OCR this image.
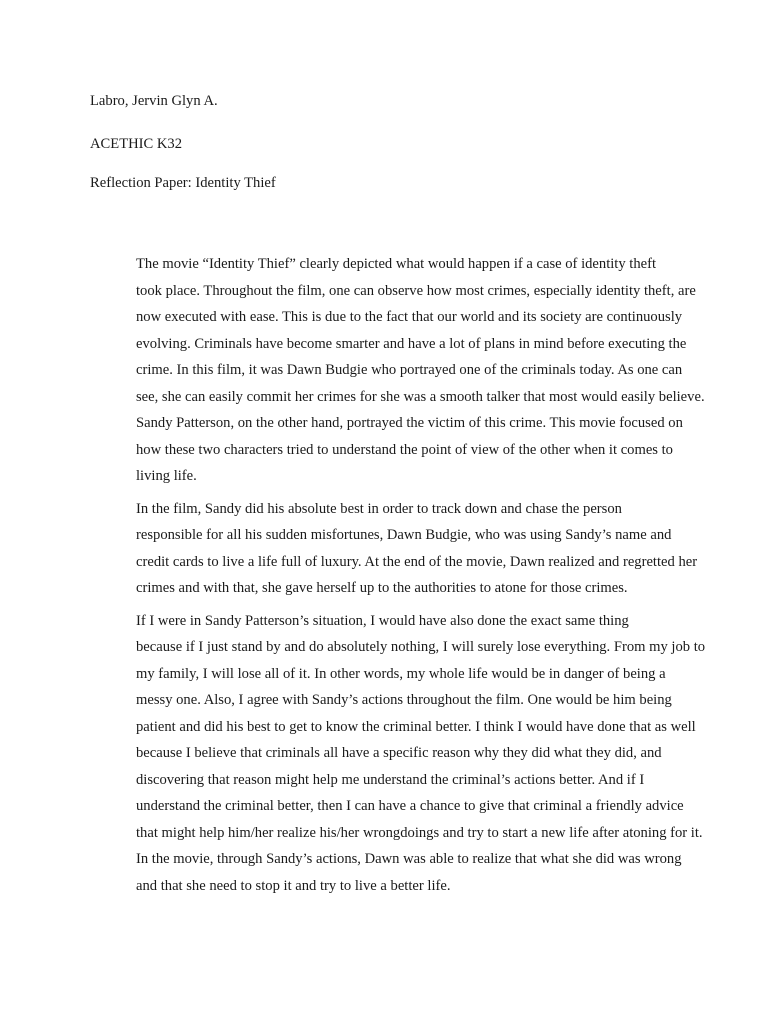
Labro, Jervin Glyn A.
ACETHIC K32
Reflection Paper: Identity Thief

The movie “Identity Thief” clearly depicted what would happen if a case of identity theft
took place. Throughout the film, one can observe how most crimes, especially identity theft, are
now executed with ease. This is due to the fact that our world and its society are continuously
evolving. Criminals have become smarter and have a lot of plans in mind before executing the
crime. In this film, it was Dawn Budgie who portrayed one of the criminals today. As one can
see, she can easily commit her crimes for she was a smooth talker that most would easily believe.
Sandy Patterson, on the other hand, portrayed the victim of this crime. This movie focused on
how these two characters tried to understand the point of view of the other when it comes to
living life.

In the film, Sandy did his absolute best in order to track down and chase the person
responsible for all his sudden misfortunes, Dawn Budgie, who was using Sandy’s name and
credit cards to live a life full of luxury. At the end of the movie, Dawn realized and regretted her
crimes and with that, she gave herself up to the authorities to atone for those crimes.

If I were in Sandy Patterson’s situation, I would have also done the exact same thing
because if I just stand by and do absolutely nothing, I will surely lose everything. From my job to
my family, I will lose all of it. In other words, my whole life would be in danger of being a
messy one. Also, I agree with Sandy’s actions throughout the film. One would be him being
patient and did his best to get to know the criminal better. I think I would have done that as well
because I believe that criminals all have a specific reason why they did what they did, and
discovering that reason might help me understand the criminal’s actions better. And if I
understand the criminal better, then I can have a chance to give that criminal a friendly advice
that might help him/her realize his/her wrongdoings and try to start a new life after atoning for it.
In the movie, through Sandy’s actions, Dawn was able to realize that what she did was wrong
and that she need to stop it and try to live a better life.
